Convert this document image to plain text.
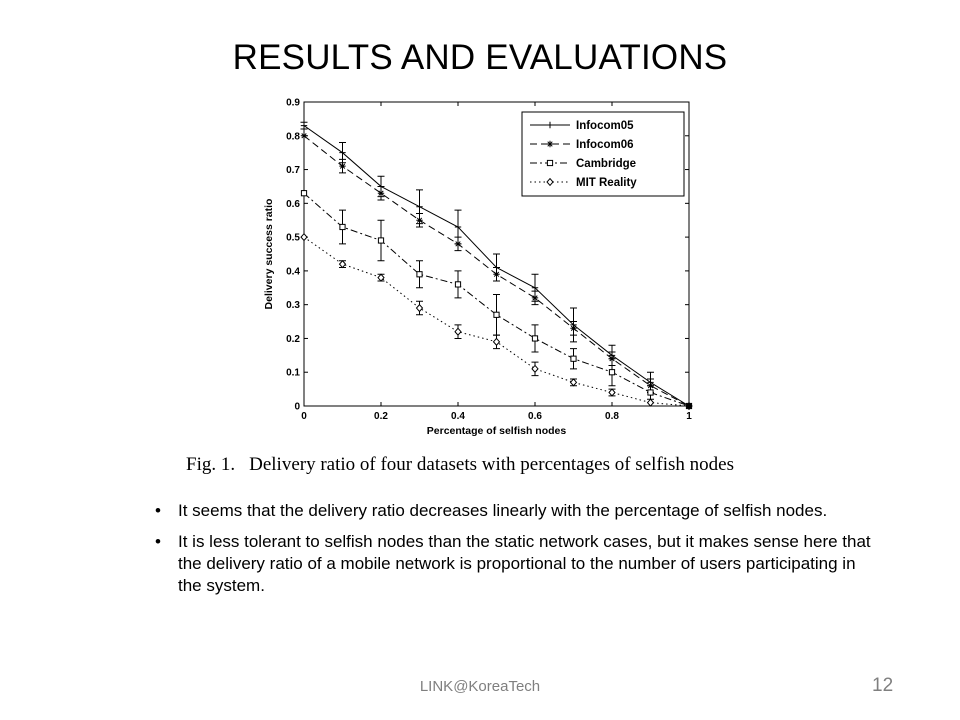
RESULTS AND EVALUATIONS
0	0.2	0.4	0.6	0.8	1
0
0.1
0.2
0.3
0.4
0.5
0.6
0.7
0.8
0.9
Percentage of selfish nodes
Delivery success ratio
Infocom05
Infocom06
Cambridge
MIT Reality
Fig. 1. Delivery ratio of four datasets with percentages of selfish nodes
• It seems that the delivery ratio decreases linearly with the percentage of selfish nodes.
• It is less tolerant to selfish nodes than the static network cases, but it makes sense here that the delivery ratio of a mobile network is proportional to the number of users participating in the system.
LINK@KoreaTech	12
